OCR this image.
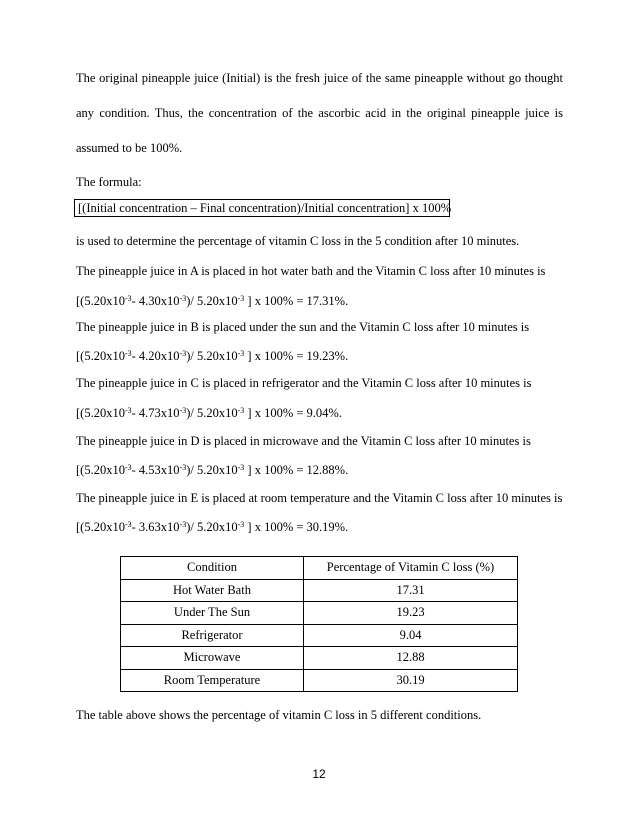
The original pineapple juice (Initial) is the fresh juice of the same pineapple without go thought
any condition. Thus, the concentration of the ascorbic acid in the original pineapple juice is
assumed to be 100%.
The formula:
[(Initial concentration – Final concentration)/Initial concentration] x 100%
is used to determine the percentage of vitamin C loss in the 5 condition after 10 minutes.
The pineapple juice in A is placed in hot water bath and the Vitamin C loss after 10 minutes is
[($5.20x10^{-3}-$ $4.30x10^{-3})/$ $5.20x10^{-3}$ ] x 100% = 17.31%.
The pineapple juice in B is placed under the sun and the Vitamin C loss after 10 minutes is
[($5.20x10^{-3}-$ $4.20x10^{-3})/$ $5.20x10^{-3}$ ] x 100% = 19.23%.
The pineapple juice in C is placed in refrigerator and the Vitamin C loss after 10 minutes is
[($5.20x10^{-3}-$ $4.73x10^{-3})/$ $5.20x10^{-3}$ ] x 100% = 9.04%.
The pineapple juice in D is placed in microwave and the Vitamin C loss after 10 minutes is
[($5.20x10^{-3}-$ $4.53x10^{-3})/$ $5.20x10^{-3}$ ] x 100% = 12.88%.
The pineapple juice in E is placed at room temperature and the Vitamin C loss after 10 minutes is
[($5.20x10^{-3}-$ $3.63x10^{-3})/$ $5.20x10^{-3}$ ] x 100% = 30.19%.
Condition	Percentage of Vitamin C loss (%)
Hot Water Bath	17.31
Under The Sun	19.23
Refrigerator	9.04
Microwave	12.88
Room Temperature	30.19
The table above shows the percentage of vitamin C loss in 5 different conditions.
12
